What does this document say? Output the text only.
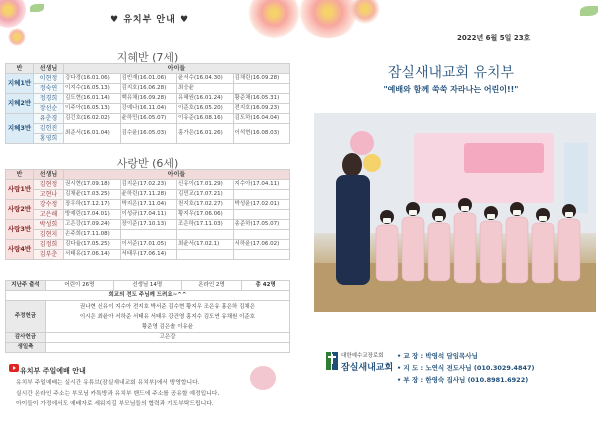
♥ 유치부 안내 ♥
지혜반 (7세)
반	선생님	아이들			
지혜1반	이현정	강다경(16.01.06)	김빈재(16.01.06)	윤서수(16.04.30)	김채린(16.09.28)
	정숙연	이지수(16.05.13)	김지호(16.06.28)	최승윤	
지혜2반	정경희	김도현(16.01.14)	백유채(16.09.28)	유혜원(16.01.24)	황준채(16.05.31)
	장선순	이주아(16.05.13)	강예나(16.11.04)	이준호(16.05.20)	전지호(16.09.23)
지혜3반	유춘경	김긴호(16.02.02)	윤하민(16.05.07)	이유준(16.08.16)	김도하(16.04.04)
	김헌진	최준서(16.01.04)	김수윤(16.05.03)	홍가은(16.01.26)	이석현(16.08.03)
	홍영희				
사랑반 (6세)
반	선생님	아이들			
사랑1반	김현정	권시현(17.09.18)	김지운(17.02.23)	신유이(17.01.29)	지수아(17.04.11)
	고현나	김채윤(17.03.25)	윤하린(17.11.28)	김민교(17.07.21)	
사랑2반	강수정	장우하(17.12.17)	박지은(17.11.04)	천지호(17.02.27)	박성윤(17.02.01)
	고은해	방예린(17.04.01)	이성규(17.04.11)	황지우(17.06.06)	
사랑3반	박성희	고은강(17.09.24)	장이준(17.10.13)	조은하(17.11.03)	송준하(17.05.07)
	김현지	손주희(17.11.08)			
사랑4반	김정희	김다율(17.05.25)	이서준(17.01.05)	최윤서(17.02.1)	서하윤(17.06.02)
	김부춘	서태유(17.06.14)	서태우(17.06.14)		
지난주 출석	어린이 26명	선생님 14명	온라인 2명	총 42명
희교의 전도 주님께 드려요~^^				
주정헌금	권나현 신유이 지수아 전지호 박서준 김수현 황지우 조은유 홍은하 김채은
이시은 최윤아 서하준 서태유 서태우 강건영 홍지수 김도연 유채원 이준호
황준영 김은솔 이유윤			

감사헌금	고은강			
생일축				
유치부 주일예배 안내
유치부 주일예배는 실시간 유튜브(잠실새내교회 유치부)에서 방영합니다.
실시간 온라인 주소는 부모님 카톡방과 유치부 밴드에 주소를 공유할 예정입니다.
아이들이 가정에서도 예배자로 세워지길 부모님들의 협력과 기도부탁드립니다.
2022년 6월 5일 23호
잠실새내교회 유치부
"예배와 함께 쑥쑥 자라나는 어린이!!"
대한예수교장로회
잠실새내교회
• 교 장 : 박영석 담임목사님
• 지 도 : 노연식 전도사님 (010.3029.4847)
• 부 장 : 한영숙 집사님 (010.8981.6922)
